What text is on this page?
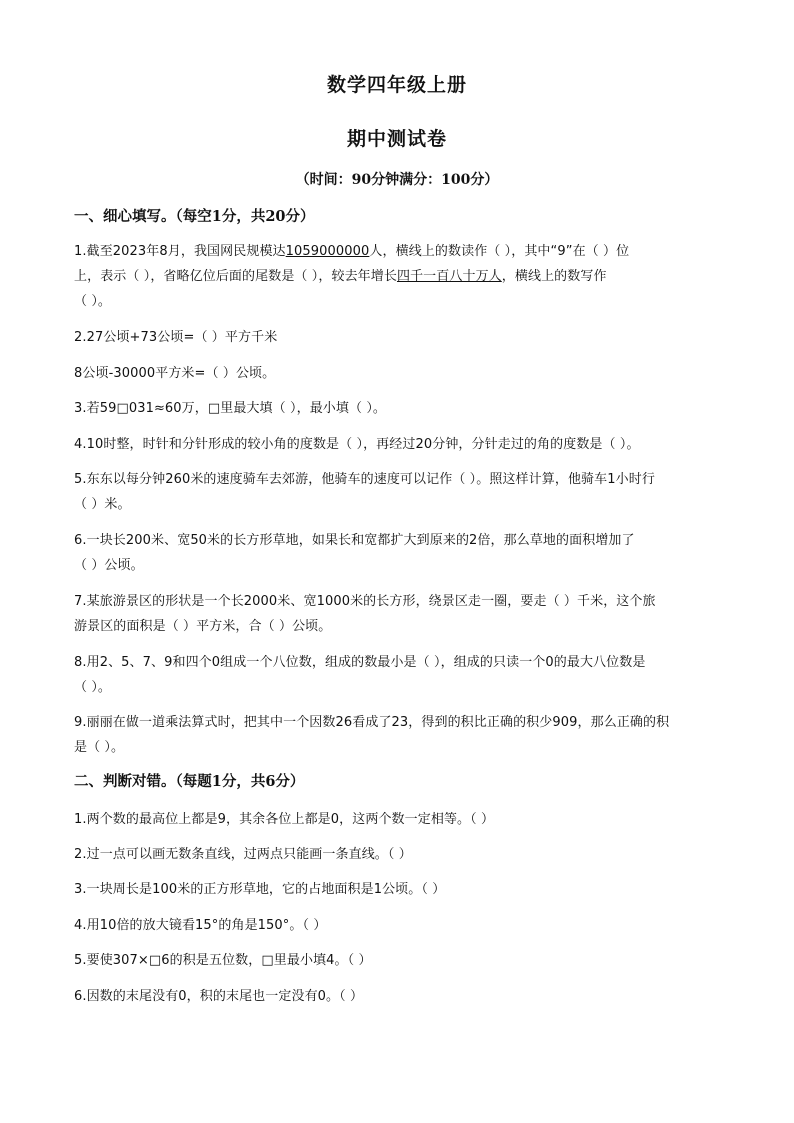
数学四年级上册
期中测试卷
（时间：90分钟满分：100分）
一、细心填写。（每空1分，共20分）
1.截至2023年8月，我国网民规模达1059000000人，横线上的数读作（ ），其中“9”在（ ）位
上，表示（ ），省略亿位后面的尾数是（ ），较去年增长四千一百八十万人，横线上的数写作
（ ）。
2.27公顷+73公顷=（ ）平方千米
8公顷-30000平方米=（ ）公顷。
3.若59□031≈60万，□里最大填（ ），最小填（ ）。
4.10时整，时针和分针形成的较小角的度数是（ ），再经过20分钟，分针走过的角的度数是（ ）。
5.东东以每分钟260米的速度骑车去郊游，他骑车的速度可以记作（ ）。照这样计算，他骑车1小时行
（ ）米。
6.一块长200米、宽50米的长方形草地，如果长和宽都扩大到原来的2倍，那么草地的面积增加了
（ ）公顷。
7.某旅游景区的形状是一个长2000米、宽1000米的长方形，绕景区走一圈，要走（ ）千米，这个旅
游景区的面积是（ ）平方米，合（ ）公顷。
8.用2、5、7、9和四个0组成一个八位数，组成的数最小是（ ），组成的只读一个0的最大八位数是
（ ）。
9.丽丽在做一道乘法算式时，把其中一个因数26看成了23，得到的积比正确的积少909，那么正确的积
是（ ）。
二、判断对错。（每题1分，共6分）
1.两个数的最高位上都是9，其余各位上都是0，这两个数一定相等。（ ）
2.过一点可以画无数条直线，过两点只能画一条直线。（ ）
3.一块周长是100米的正方形草地，它的占地面积是1公顷。（ ）
4.用10倍的放大镜看15°的角是150°。（ ）
5.要使307×□6的积是五位数，□里最小填4。（ ）
6.因数的末尾没有0，积的末尾也一定没有0。（ ）
